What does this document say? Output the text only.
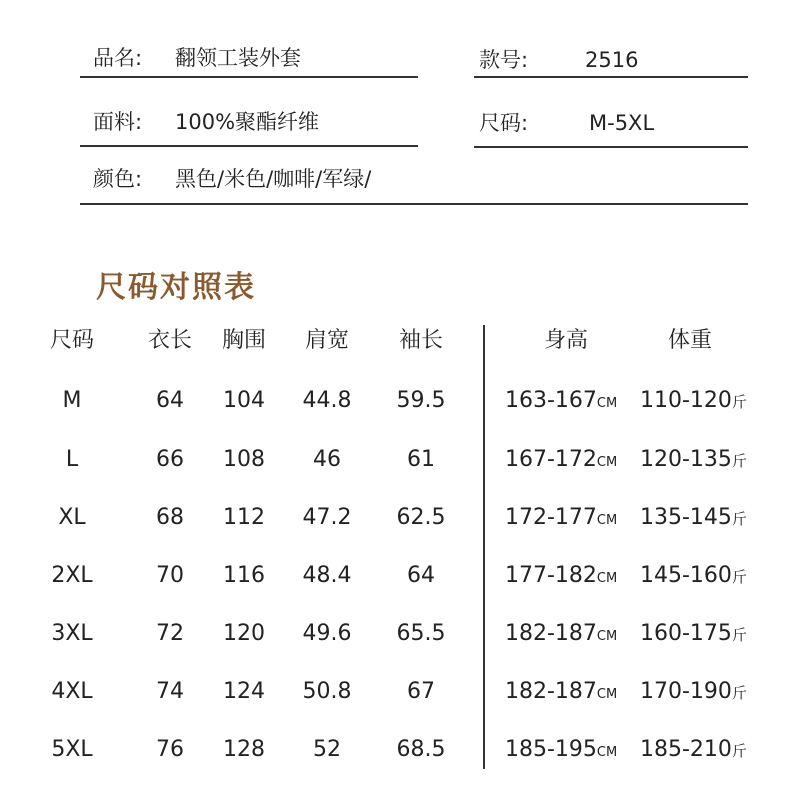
品名: 翻领工装外套	款号:	2516
面料: 100%聚酯纤维	尺码:	M-5XL
颜色: 黑色/米色/咖啡/军绿/
尺码对照表
尺码	衣长	胸围	肩宽	袖长	身高	体重
M	64	104	44.8	59.5	163-167CM 110-120斤
L	66	108	46	61	167-172CM 120-135斤
XL	68	112	47.2	62.5	172-177CM 135-145斤
2XL	70	116	48.4	64	177-182CM 145-160斤
3XL	72	120	49.6	65.5	182-187CM 160-175斤
4XL	74	124	50.8	67	182-187CM 170-190斤
5XL	76	128	52	68.5	185-195CM 185-210斤
